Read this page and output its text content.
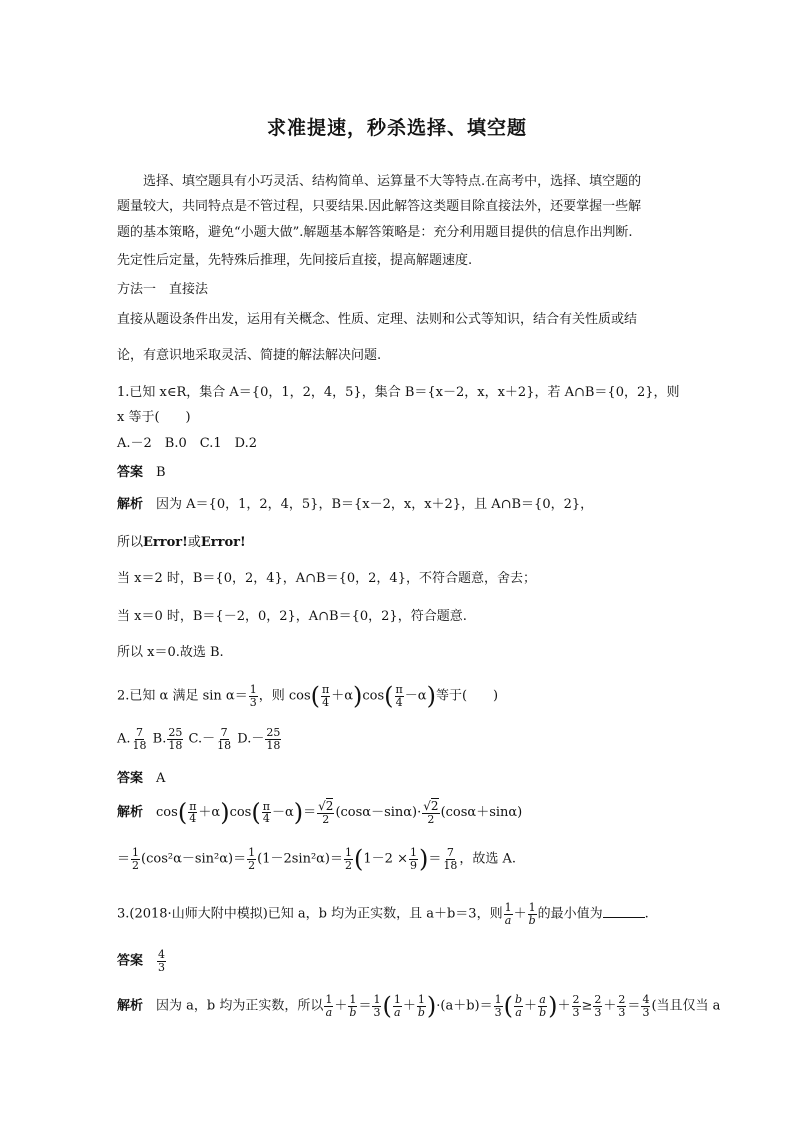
求准提速，秒杀选择、填空题
选择、填空题具有小巧灵活、结构简单、运算量不大等特点.在高考中，选择、填空题的
题量较大，共同特点是不管过程，只要结果.因此解答这类题目除直接法外，还要掌握一些解
题的基本策略，避免“小题大做”.解题基本解答策略是：充分利用题目提供的信息作出判断.
先定性后定量，先特殊后推理，先间接后直接，提高解题速度.
方法一　直接法
直接从题设条件出发，运用有关概念、性质、定理、法则和公式等知识，结合有关性质或结
论，有意识地采取灵活、简捷的解法解决问题.
1.已知 x∈R，集合 A＝{0，1，2，4，5}，集合 B＝{x－2，x，x＋2}，若 A∩B＝{0，2}，则
x 等于(　　)
A.－2　B.0　C.1　D.2
答案　 B
解析　 因为 A＝{0，1，2，4，5}，B＝{x－2，x，x＋2}，且 A∩B＝{0，2}，
所以Error!或Error!
当 x＝2 时，B＝{0，2，4}，A∩B＝{0，2，4}，不符合题意，舍去；
当 x＝0 时，B＝{－2，0，2}，A∩B＝{0，2}，符合题意.
所以 x＝0.故选 B.
2.已知 α 满足 $\sin \alpha= \frac{1}{3}$ ，则 $\cos( \frac{\pi}{4} +\alpha)\cos( \frac{\pi}{4} -\alpha)$等于(　　)
A. $\frac{7}{18} B$. $\frac{25}{18} C.- \frac{7}{18} D.- \frac{25}{18}$
答案　 A
解析　 $\cos( \frac{\pi}{4} +\alpha)\cos( \frac{\pi}{4} -\alpha)= \frac{√2}{2} (\cos\alpha-\sin\alpha)\cdot \frac{√2}{2} (\cos\alpha+\sin\alpha)$
＝ $\frac{1}{2} (\cos^2\alpha-\sin^2\alpha)= \frac{1}{2} (1-2\sin^2\alpha)= \frac{1}{2} (1-2 \times \frac{1}{9}$ )＝ $\frac{7}{18}$ ，故选 A.
3.(2018·山师大附中模拟)已知 a，b 均为正实数，且 a＋b＝3，则 $\frac{1}{a} + \frac{1}{b}$ 的最小值为	.
答案　 $\frac{4}{3}$
解析　 因为 a，b 均为正实数，所以 $\frac{1}{a} + \frac{1}{b} = \frac{1}{3}$ ( $\frac{1}{a} + \frac{1}{b} )\cdot(a+b)= \frac{1}{3}$ ( $\frac{b}{a} + \frac{a}{b}$ )＋ $\frac{2}{3} \ge \frac{2}{3} + \frac{2}{3} = \frac{4}{3}$ (当且仅当 a
